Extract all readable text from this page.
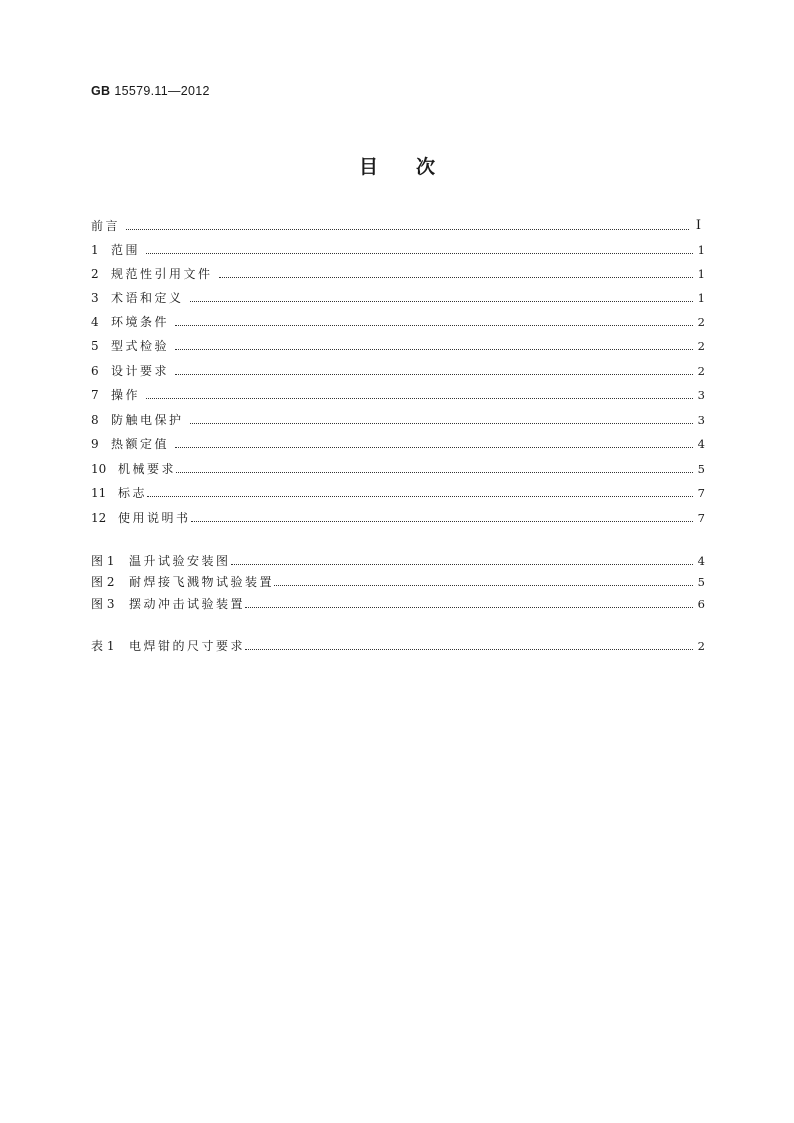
GB 15579.11—2012
目次
前言	Ⅰ
1	范围	1
2	规范性引用文件	1
3	术语和定义	1
4	环境条件	2
5	型式检验	2
6	设计要求	2
7	操作	3
8	防触电保护	3
9	热额定值	4
10 机械要求	5
11 标志	7
12 使用说明书	7
图 1	温升试验安装图	4
图 2	耐焊接飞溅物试验装置	5
图 3	摆动冲击试验装置	6
表 1	电焊钳的尺寸要求	2
